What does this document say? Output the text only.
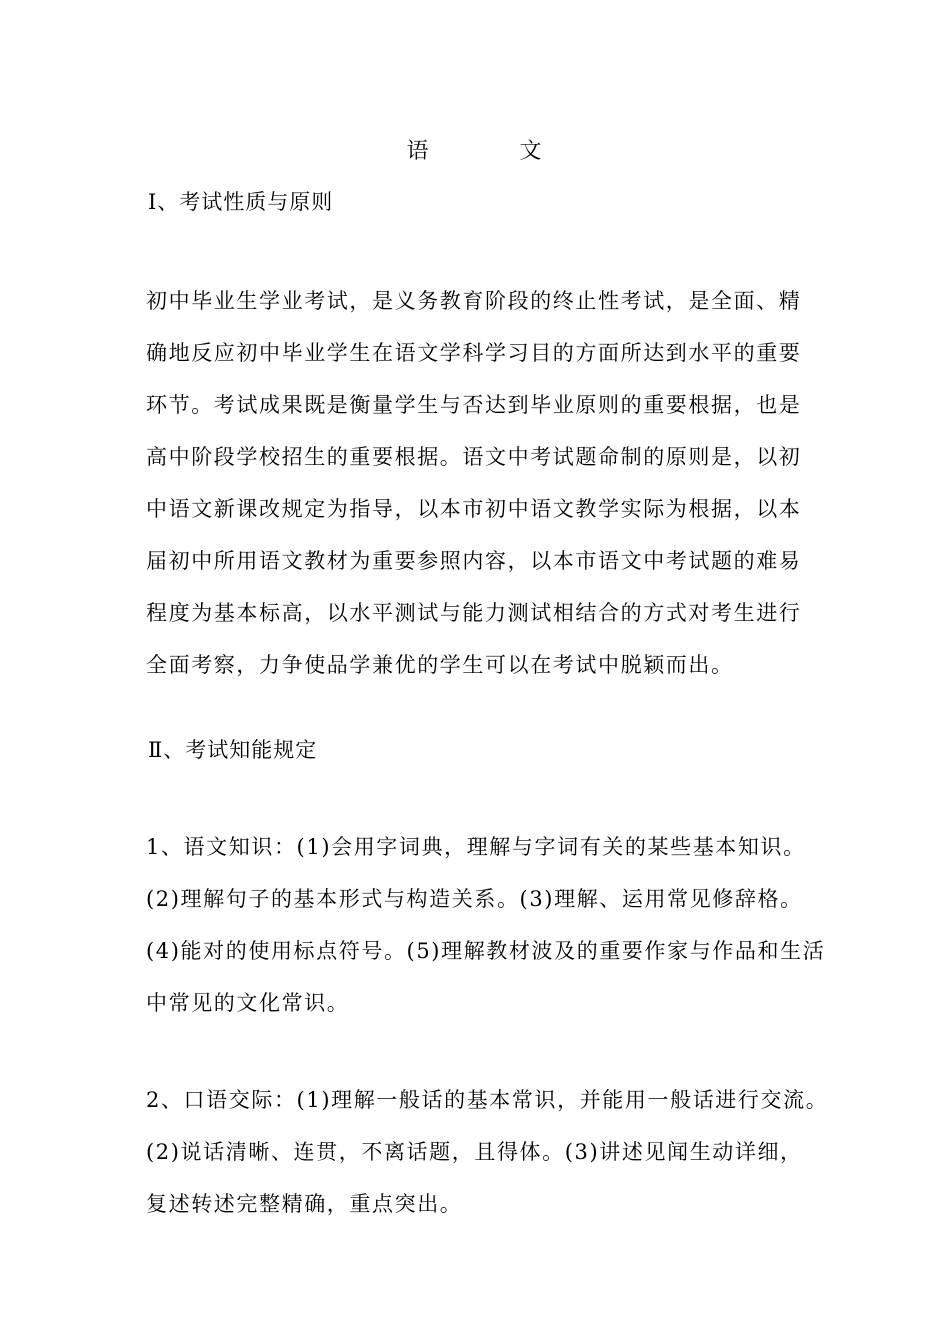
语 文
Ⅰ、考试性质与原则
初中毕业生学业考试，是义务教育阶段的终止性考试，是全面、精
确地反应初中毕业学生在语文学科学习目的方面所达到水平的重要
环节。考试成果既是衡量学生与否达到毕业原则的重要根据，也是
高中阶段学校招生的重要根据。语文中考试题命制的原则是，以初
中语文新课改规定为指导，以本市初中语文教学实际为根据，以本
届初中所用语文教材为重要参照内容，以本市语文中考试题的难易
程度为基本标高，以水平测试与能力测试相结合的方式对考生进行
全面考察，力争使品学兼优的学生可以在考试中脱颖而出。
Ⅱ、考试知能规定
1、语文知识：(1)会用字词典，理解与字词有关的某些基本知识。
(2)理解句子的基本形式与构造关系。(3)理解、运用常见修辞格。
(4)能对的使用标点符号。(5)理解教材波及的重要作家与作品和生活
中常见的文化常识。
2、口语交际：(1)理解一般话的基本常识，并能用一般话进行交流。
(2)说话清晰、连贯，不离话题，且得体。(3)讲述见闻生动详细，
复述转述完整精确，重点突出。
